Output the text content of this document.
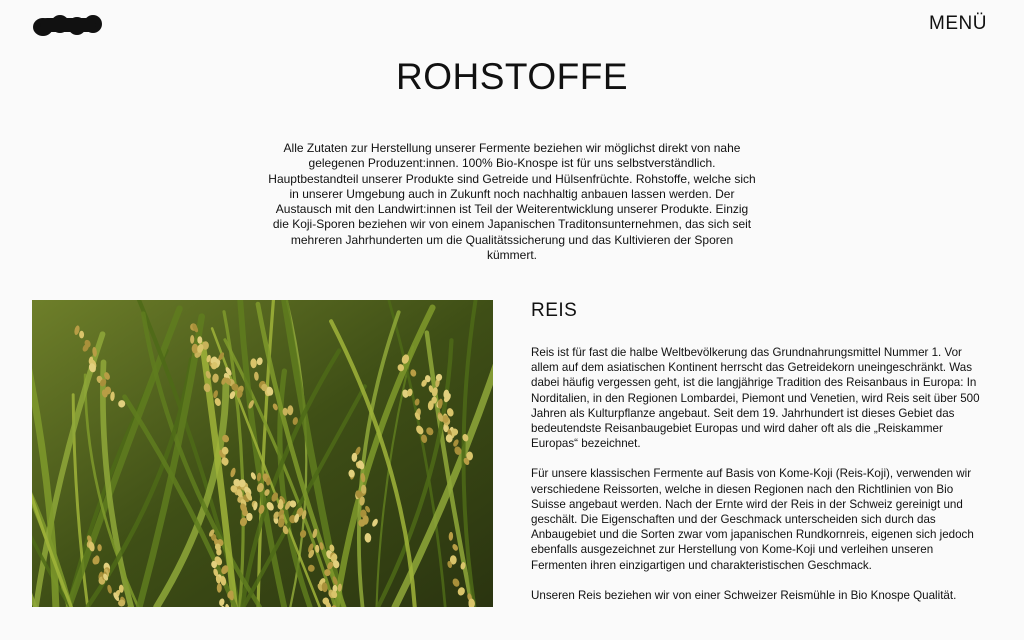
MENÜ
ROHSTOFFE

Alle Zutaten zur Herstellung unserer Fermente beziehen wir möglichst direkt von nahe gelegenen Produzent:innen. 100% Bio-Knospe ist für uns selbstverständlich. Hauptbestandteil unserer Produkte sind Getreide und Hülsenfrüchte. Rohstoffe, welche sich in unserer Umgebung auch in Zukunft noch nachhaltig anbauen lassen werden. Der Austausch mit den Landwirt:innen ist Teil der Weiterentwicklung unserer Produkte. Einzig die Koji-Sporen beziehen wir von einem Japanischen Traditonsunternehmen, das sich seit mehreren Jahrhunderten um die Qualitätssicherung und das Kultivieren der Sporen kümmert.

REIS

Reis ist für fast die halbe Weltbevölkerung das Grundnahrungsmittel Nummer 1. Vor allem auf dem asiatischen Kontinent herrscht das Getreidekorn uneingeschränkt. Was dabei häufig vergessen geht, ist die langjährige Tradition des Reisanbaus in Europa: In Norditalien, in den Regionen Lombardei, Piemont und Venetien, wird Reis seit über 500 Jahren als Kulturpflanze angebaut. Seit dem 19. Jahrhundert ist dieses Gebiet das bedeutendste Reisanbaugebiet Europas und wird daher oft als die „Reiskammer Europas“ bezeichnet.

Für unsere klassischen Fermente auf Basis von Kome-Koji (Reis-Koji), verwenden wir verschiedene Reissorten, welche in diesen Regionen nach den Richtlinien von Bio Suisse angebaut werden. Nach der Ernte wird der Reis in der Schweiz gereinigt und geschält. Die Eigenschaften und der Geschmack unterscheiden sich durch das Anbaugebiet und die Sorten zwar vom japanischen Rundkornreis, eigenen sich jedoch ebenfalls ausgezeichnet zur Herstellung von Kome-Koji und verleihen unseren Fermenten ihren einzigartigen und charakteristischen Geschmack.

Unseren Reis beziehen wir von einer Schweizer Reismühle in Bio Knospe Qualität.
